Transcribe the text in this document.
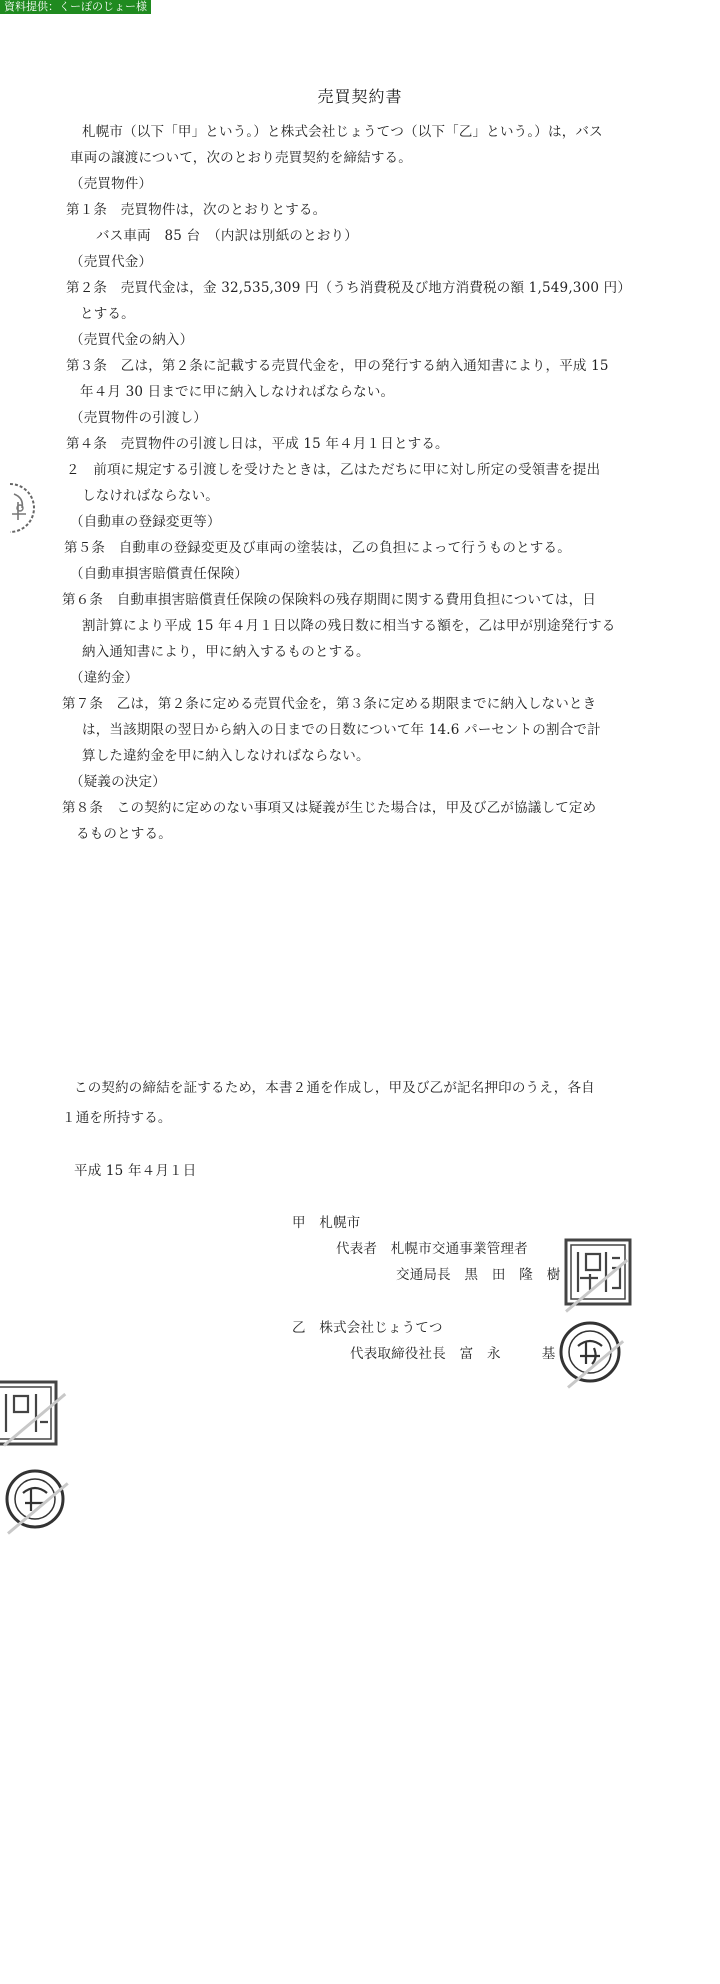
資料提供：くーぽのじょー様
売買契約書
札幌市（以下「甲」という。）と株式会社じょうてつ（以下「乙」という。）は，バス
車両の譲渡について，次のとおり売買契約を締結する。
（売買物件）
第１条　売買物件は，次のとおりとする。
バス車両　85 台　（内訳は別紙のとおり）
（売買代金）
第２条　売買代金は，金 32,535,309 円（うち消費税及び地方消費税の額 1,549,300 円）
とする。
（売買代金の納入）
第３条　乙は，第２条に記載する売買代金を，甲の発行する納入通知書により，平成 15
年４月 30 日までに甲に納入しなければならない。
（売買物件の引渡し）
第４条　売買物件の引渡し日は，平成 15 年４月１日とする。
２　前項に規定する引渡しを受けたときは，乙はただちに甲に対し所定の受領書を提出
しなければならない。
（自動車の登録変更等）
第５条　自動車の登録変更及び車両の塗装は，乙の負担によって行うものとする。
（自動車損害賠償責任保険）
第６条　自動車損害賠償責任保険の保険料の残存期間に関する費用負担については，日
割計算により平成 15 年４月１日以降の残日数に相当する額を，乙は甲が別途発行する
納入通知書により，甲に納入するものとする。
（違約金）
第７条　乙は，第２条に定める売買代金を，第３条に定める期限までに納入しないとき
は，当該期限の翌日から納入の日までの日数について年 14.6 パーセントの割合で計
算した違約金を甲に納入しなければならない。
（疑義の決定）
第８条　この契約に定めのない事項又は疑義が生じた場合は，甲及び乙が協議して定め
るものとする。
この契約の締結を証するため，本書２通を作成し，甲及び乙が記名押印のうえ，各自
１通を所持する。
平成 15 年４月１日
甲　札幌市
代表者　札幌市交通事業管理者
交通局長　黒　田　隆　樹
乙　株式会社じょうてつ
代表取締役社長　富　永　　　基
